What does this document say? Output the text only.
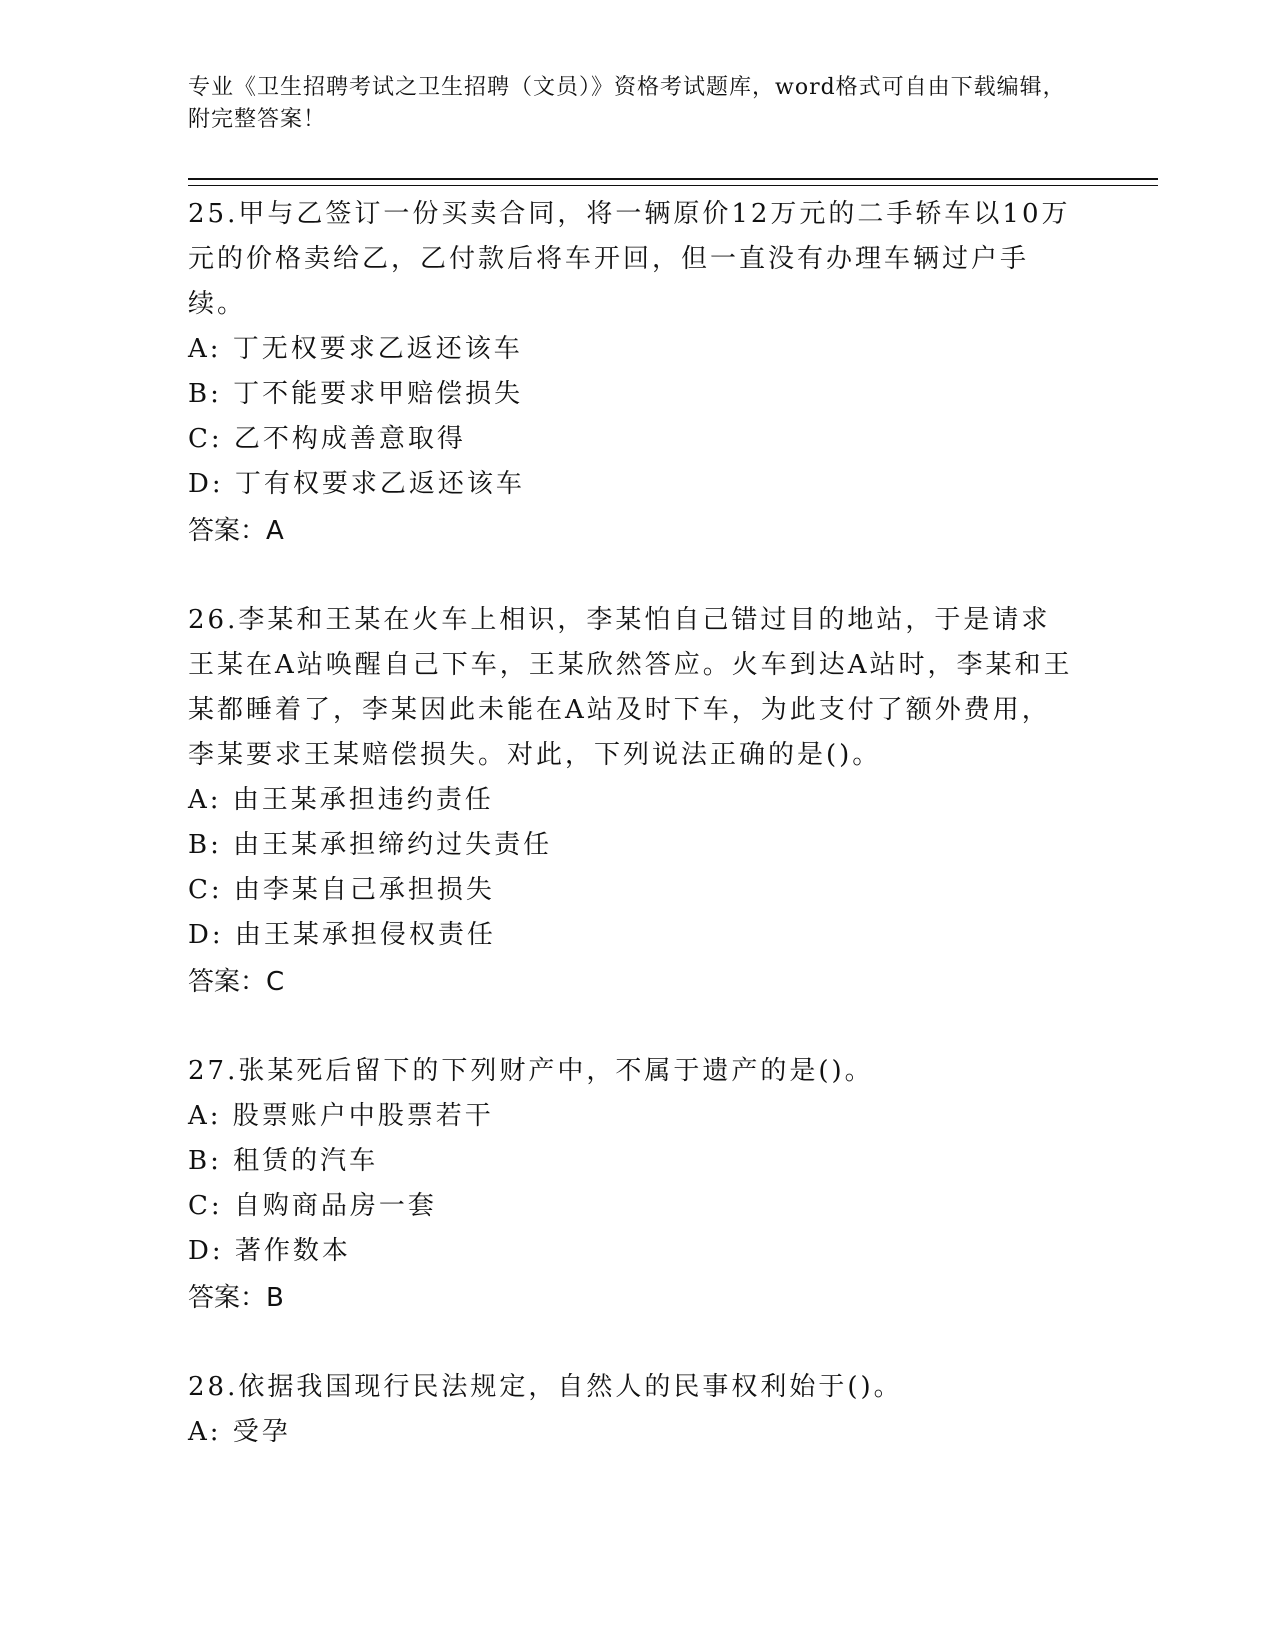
专业《卫生招聘考试之卫生招聘（文员）》资格考试题库，word格式可自由下载编辑，附完整答案！
25.甲与乙签订一份买卖合同，将一辆原价12万元的二手轿车以10万元的价格卖给乙，乙付款后将车开回，但一直没有办理车辆过户手续。
A: 丁无权要求乙返还该车
B: 丁不能要求甲赔偿损失
C: 乙不构成善意取得
D: 丁有权要求乙返还该车
答案：A
26.李某和王某在火车上相识，李某怕自己错过目的地站，于是请求王某在A站唤醒自己下车，王某欣然答应。火车到达A站时，李某和王某都睡着了，李某因此未能在A站及时下车，为此支付了额外费用，李某要求王某赔偿损失。对此，下列说法正确的是()。
A: 由王某承担违约责任
B: 由王某承担缔约过失责任
C: 由李某自己承担损失
D: 由王某承担侵权责任
答案：C
27.张某死后留下的下列财产中，不属于遗产的是()。
A: 股票账户中股票若干
B: 租赁的汽车
C: 自购商品房一套
D: 著作数本
答案：B
28.依据我国现行民法规定，自然人的民事权利始于()。
A: 受孕
